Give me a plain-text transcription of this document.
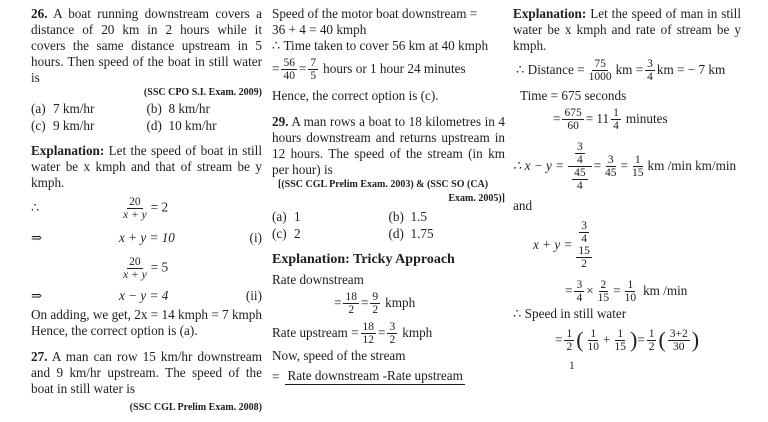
26. A boat running downstream covers a distance of 20 km in 2 hours while it covers the same distance upstream in 5 hours. Then speed of the boat in still water is

(SSC CPO S.I. Exam. 2009)

(a) 7 km/hr	(b) 8 km/hr
(c) 9 km/hr	(d) 10 km/hr

Explanation: Let the speed of boat in still water be x kmph and that of stream be y kmph.

∴	$\frac{20}{x + y} = 2$
⇒	x + y = 10	(i)
$\frac{20}{x + y} = 5$
⇒	x − y = 4	(ii)

On adding, we get, 2x = 14 kmph = 7 kmph

Hence, the correct option is (a).

27. A man can row 15 km/hr downstream and 9 km/hr upstream. The speed of the boat in still water is

(SSC CGL Prelim Exam. 2008)

Speed of the motor boat downstream =

36 + 4 = 40 kmph

∴ Time taken to cover 56 km at 40 kmph

= $\frac{56}{40} = \frac{7}{5}$ hours or 1 hour 24 minutes

Hence, the correct option is (c).

29. A man rows a boat to 18 kilometres in 4 hours downstream and returns upstream in 12 hours. The speed of the stream (in km per hour) is

[(SSC CGL Prelim Exam. 2003) & (SSC SO (CA)

Exam. 2005)]

(a) 1	(b) 1.5
(c) 2	(d) 1.75

Explanation: Tricky Approach

Rate downstream

= $\frac{18}{2} = \frac{9}{2}$ kmph
Rate upstream = $\frac{18}{12} = \frac{3}{2}$ kmph

Now, speed of the stream

= Rate downstream -Rate upstream

Explanation: Let the speed of man in still water be x kmph and rate of stream be y kmph.

∴ Distance = $\frac{75}{1000}$ km = $\frac{3}{4}$ km = − 7 km

Time = 675 seconds

= $\frac{675}{60} = 11 \frac{1}{4}$ minutes
∴ $x - y = \frac{\frac{3}{4}}{\frac{45}{4}} = \frac{3}{45} = \frac{1}{15}$ km /min km/min

and

$x + y = \frac{3}{4}$
15
2
= $\frac{3}{4} \times \frac{2}{15} = \frac{1}{10}$ km /min

∴ Speed in still water

= $\frac{1}{2}$ ( $\frac{1}{10} + \frac{1}{15}$ ) = $\frac{1}{2}$ ( $\frac{3+2}{30}$ )
1
